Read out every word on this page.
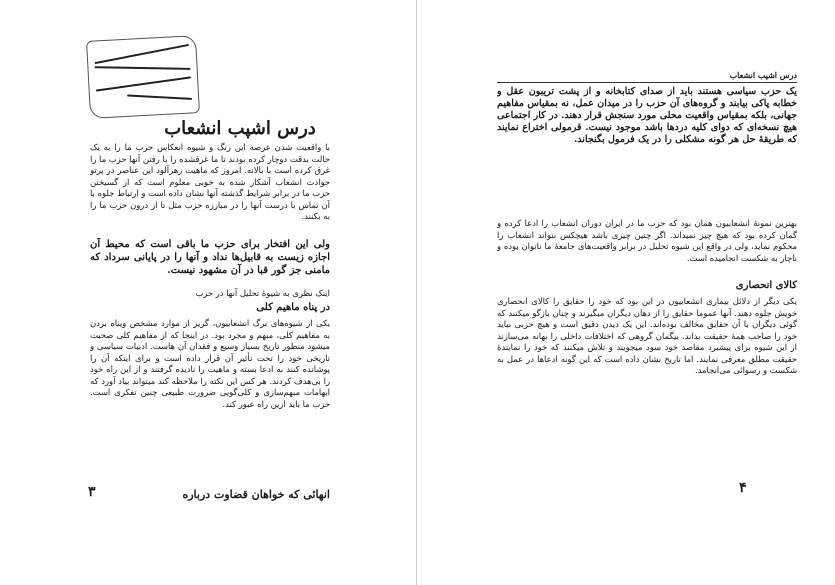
درس اشپب انشعاب
با واقعیت شدن عرصه این رنگ و شیوه انعکاس حرب ما را به یک حالت بدقت دوچار کرده بودند تا ما غرقشده را با رفتن آنها حزب ما را غرق کرده است با بالانه. امروز که ماهیت زهرآلود این عناصر در پرتو حوادث انشعاب آشکار شده به خوبی معلوم است که از گسیختن حزب ما در برابر شرایط گذشته آنها نشان داده است و ارتباط جلوه با آن تماس با درست آنها را در مبارزه حزب مثل تا از درون حزب ما را به بکنند.
ولی این افتخار برای حزب ما باقی است که محیط آن اجازه زیست به قابیل‌ها نداد و آنها را در پایانی سرداد که مامنی جز گور قبا در آن مشهود نیست.
اینک نظری به شیوهٔ تحلیل آنها در حزب
در پناه ماهیم کلی
یکی از شیوه‌های برگ انشعابیون، گریز از موارد مشخص ویناه بردن به مفاهیم کلی، مبهم و مجرد بود. در اینجا که از مفاهیم کلی صحبت میشود منظور تاریخ بسیار وسیع و فقدان آن هاست. ادبیات سیاسی و تاریخی خود را تحت تأثیر آن قرار داده است و برای اینکه آن را پوشانده کنند به ادعا بسته و ماهیت را نادیده گرفتند و از این راه خود را بی‌هدف کردند. هر کس این نکته را ملاحظه کند میتواند بیاد آورد که ابهامات مبهم‌سازی و کلی‌گویی ضرورت طبیعی چنین تفکری است. حزب ما باید ازین راه عبور کند.
انهائی که خواهان قضاوت درباره
۳
درس اشپب انشعاب
یک حزب سیاسی هستند باید از صدای کتابخانه و از پشت تریبون عقل و خطابه پاکی بیابند و گروه‌های آن حزب را در میدان عمل، نه بمقیاس مفاهیم جهانی، بلکه بمقیاس واقعیت محلی مورد سنجش قرار دهند. در کار اجتماعی هیچ نسخه‌ای که دوای کلیه دردها باشد موجود نیست. قرمولی اختراع نمایند که طریقهٔ حل هر گونه مشکلی را در یک فرمول بگنجاند.
بهترین نمونهٔ انشعابیون همان بود که حزب ما در ایران دوران انشعاب را ادعا کرده و گمان کرده بود که هیچ چیز نمیداند. اگر چنین چیزی باشد هیچکس نتواند انشعاب را محکوم نماید، ولی در واقع این شیوه تحلیل در برابر واقعیت‌های جامعهٔ ما ناتوان بوده و ناچار به شکست انجامیده است.
کالای انحصاری
یکی دیگر از دلائل بیماری انشعابیون در این بود که خود را حقایق را کالای انحصاری خویش جلوه دهند. آنها عموما حقایق را از دهان دیگران میگیرند و چنان بازگو میکنند که گوئی دیگران با آن حقایق مخالف بوده‌اند. این یک دیدن دقیق است و هیچ حزبی نباید خود را صاحب همهٔ حقیقت بداند. بیگمان گروهی که اختلافات داخلی را بهانه می‌سازند از این شیوه برای پیشبرد مقاصد خود سود میجویند و تلاش میکنند که خود را نمایندهٔ حقیقت مطلق معرفی نمایند. اما تاریخ نشان داده است که این گونه ادعاها در عمل به شکست و رسوائی می‌انجامد.
۴
